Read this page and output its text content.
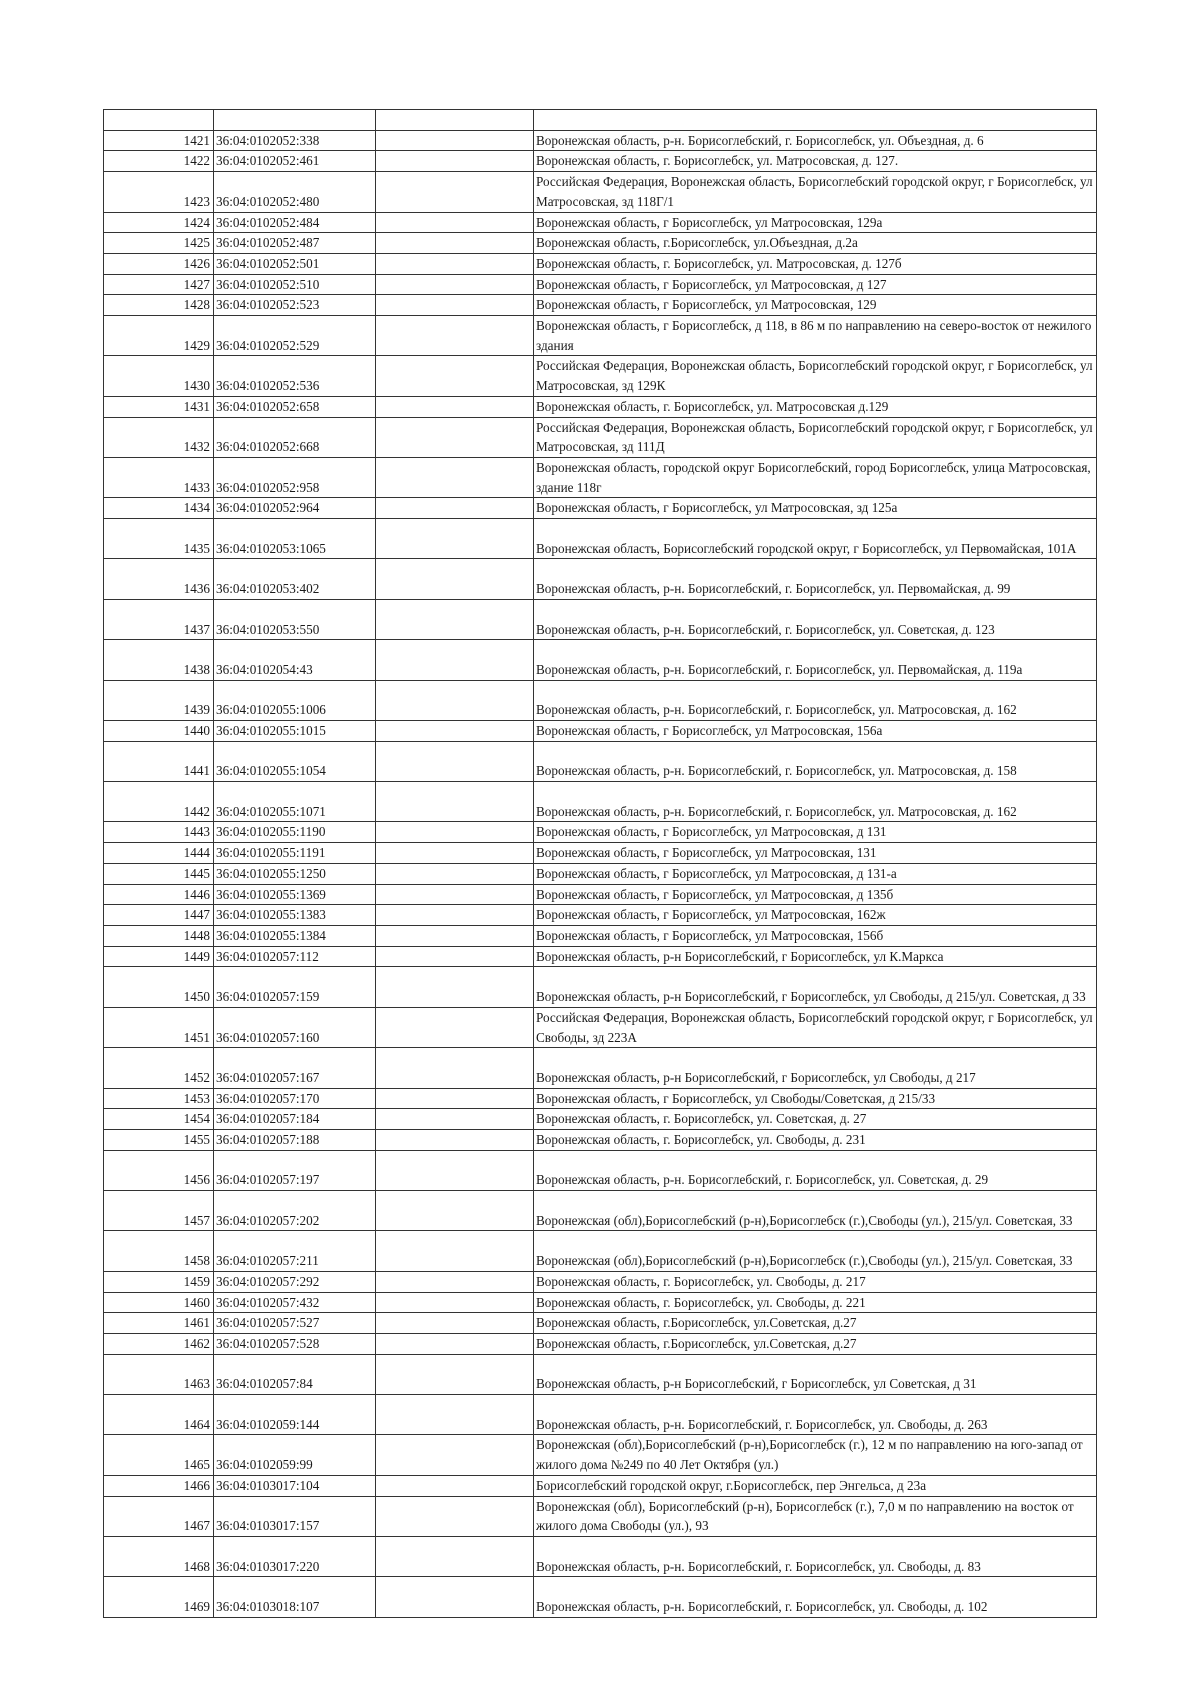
1421	36:04:0102052:338		Воронежская область, р-н. Борисоглебский, г. Борисоглебск, ул. Объездная, д. 6
1422	36:04:0102052:461		Воронежская область, г. Борисоглебск, ул. Матросовская, д. 127.
1423	36:04:0102052:480		Российская Федерация, Воронежская область, Борисоглебский городской округ, г Борисоглебск, ул Матросовская, зд 118Г/1
1424	36:04:0102052:484		Воронежская область, г Борисоглебск, ул Матросовская, 129а
1425	36:04:0102052:487		Воронежская область, г.Борисоглебск, ул.Объездная, д.2а
1426	36:04:0102052:501		Воронежская область, г. Борисоглебск, ул. Матросовская, д. 127б
1427	36:04:0102052:510		Воронежская область, г Борисоглебск, ул Матросовская, д 127
1428	36:04:0102052:523		Воронежская область, г Борисоглебск, ул Матросовская, 129
1429	36:04:0102052:529		Воронежская область, г Борисоглебск, д 118, в 86 м по направлению на северо-восток от нежилого здания
1430	36:04:0102052:536		Российская Федерация, Воронежская область, Борисоглебский городской округ, г Борисоглебск, ул Матросовская, зд 129К
1431	36:04:0102052:658		Воронежская область, г. Борисоглебск, ул. Матросовская д.129
1432	36:04:0102052:668		Российская Федерация, Воронежская область, Борисоглебский городской округ, г Борисоглебск, ул Матросовская, зд 111Д
1433	36:04:0102052:958		Воронежская область, городской округ Борисоглебский, город Борисоглебск, улица Матросовская, здание 118г
1434	36:04:0102052:964		Воронежская область, г Борисоглебск, ул Матросовская, зд 125а
1435	36:04:0102053:1065		Воронежская область, Борисоглебский городской округ, г Борисоглебск, ул Первомайская, 101А
1436	36:04:0102053:402		Воронежская область, р-н. Борисоглебский, г. Борисоглебск, ул. Первомайская, д. 99
1437	36:04:0102053:550		Воронежская область, р-н. Борисоглебский, г. Борисоглебск, ул. Советская, д. 123
1438	36:04:0102054:43		Воронежская область, р-н. Борисоглебский, г. Борисоглебск, ул. Первомайская, д. 119а
1439	36:04:0102055:1006		Воронежская область, р-н. Борисоглебский, г. Борисоглебск, ул. Матросовская, д. 162
1440	36:04:0102055:1015		Воронежская область, г Борисоглебск, ул Матросовская, 156а
1441	36:04:0102055:1054		Воронежская область, р-н. Борисоглебский, г. Борисоглебск, ул. Матросовская, д. 158
1442	36:04:0102055:1071		Воронежская область, р-н. Борисоглебский, г. Борисоглебск, ул. Матросовская, д. 162
1443	36:04:0102055:1190		Воронежская область, г Борисоглебск, ул Матросовская, д 131
1444	36:04:0102055:1191		Воронежская область, г Борисоглебск, ул Матросовская, 131
1445	36:04:0102055:1250		Воронежская область, г Борисоглебск, ул Матросовская, д 131-а
1446	36:04:0102055:1369		Воронежская область, г Борисоглебск, ул Матросовская, д 135б
1447	36:04:0102055:1383		Воронежская область, г Борисоглебск, ул Матросовская, 162ж
1448	36:04:0102055:1384		Воронежская область, г Борисоглебск, ул Матросовская, 156б
1449	36:04:0102057:112		Воронежская область, р-н Борисоглебский, г Борисоглебск, ул К.Маркса
1450	36:04:0102057:159		Воронежская область, р-н Борисоглебский, г Борисоглебск, ул Свободы, д 215/ул. Советская, д 33
1451	36:04:0102057:160		Российская Федерация, Воронежская область, Борисоглебский городской округ, г Борисоглебск, ул Свободы, зд 223А
1452	36:04:0102057:167		Воронежская область, р-н Борисоглебский, г Борисоглебск, ул Свободы, д 217
1453	36:04:0102057:170		Воронежская область, г Борисоглебск, ул Свободы/Советская, д 215/33
1454	36:04:0102057:184		Воронежская область, г. Борисоглебск, ул. Советская, д. 27
1455	36:04:0102057:188		Воронежская область, г. Борисоглебск, ул. Свободы, д. 231
1456	36:04:0102057:197		Воронежская область, р-н. Борисоглебский, г. Борисоглебск, ул. Советская, д. 29
1457	36:04:0102057:202		Воронежская (обл),Борисоглебский (р-н),Борисоглебск (г.),Свободы (ул.), 215/ул. Советская, 33
1458	36:04:0102057:211		Воронежская (обл),Борисоглебский (р-н),Борисоглебск (г.),Свободы (ул.), 215/ул. Советская, 33
1459	36:04:0102057:292		Воронежская область, г. Борисоглебск, ул. Свободы, д. 217
1460	36:04:0102057:432		Воронежская область, г. Борисоглебск, ул. Свободы, д. 221
1461	36:04:0102057:527		Воронежская область, г.Борисоглебск, ул.Советская, д.27
1462	36:04:0102057:528		Воронежская область, г.Борисоглебск, ул.Советская, д.27
1463	36:04:0102057:84		Воронежская область, р-н Борисоглебский, г Борисоглебск, ул Советская, д 31
1464	36:04:0102059:144		Воронежская область, р-н. Борисоглебский, г. Борисоглебск, ул. Свободы, д. 263
1465	36:04:0102059:99		Воронежская (обл),Борисоглебский (р-н),Борисоглебск (г.), 12 м по направлению на юго-запад от жилого дома №249 по 40 Лет Октября (ул.)
1466	36:04:0103017:104		Борисоглебский городской округ, г.Борисоглебск, пер Энгельса, д 23а
1467	36:04:0103017:157		Воронежская (обл), Борисоглебский (р-н), Борисоглебск (г.), 7,0 м по направлению на восток от жилого дома Свободы (ул.), 93
1468	36:04:0103017:220		Воронежская область, р-н. Борисоглебский, г. Борисоглебск, ул. Свободы, д. 83
1469	36:04:0103018:107		Воронежская область, р-н. Борисоглебский, г. Борисоглебск, ул. Свободы, д. 102
